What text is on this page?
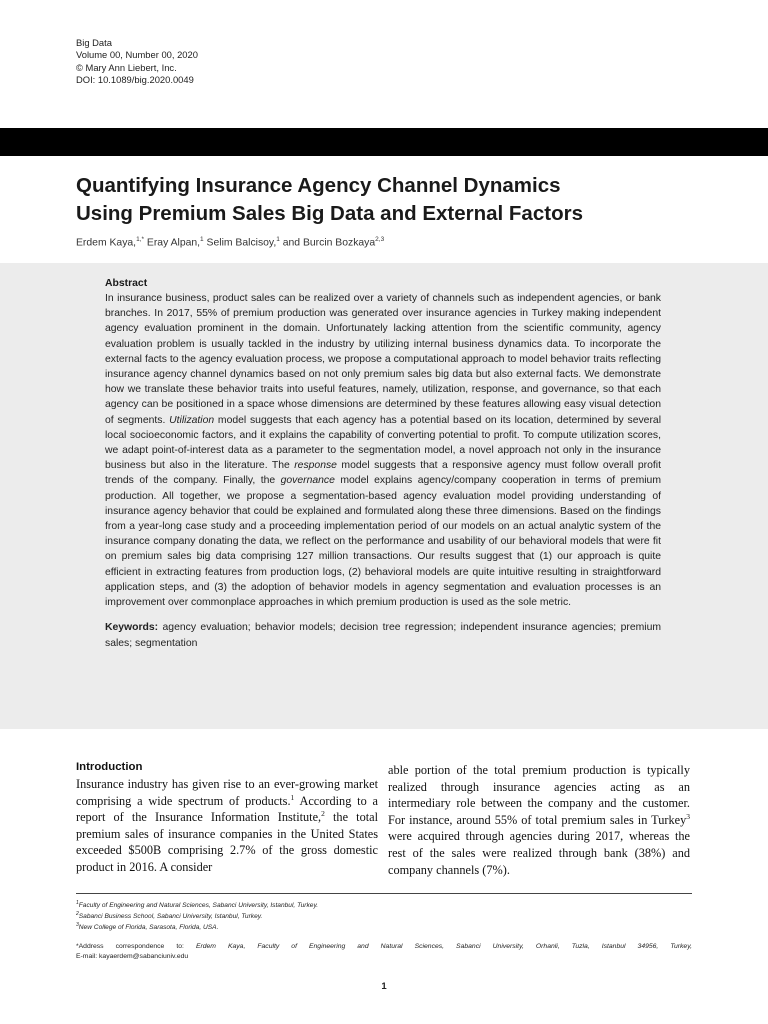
Big Data
Volume 00, Number 00, 2020
© Mary Ann Liebert, Inc.
DOI: 10.1089/big.2020.0049
Quantifying Insurance Agency Channel Dynamics
Using Premium Sales Big Data and External Factors
Erdem Kaya,$^{1,*}$ Eray Alpan,$^1$ Selim Balcisoy,$^1$ and Burcin Bozkaya$^{2,3}$

Abstract

In insurance business, product sales can be realized over a variety of channels such as independent agencies, or bank branches. In 2017, 55% of premium production was generated over insurance agencies in Turkey making independent agency evaluation prominent in the domain. Unfortunately lacking attention from the scientific community, agency evaluation problem is usually tackled in the industry by utilizing internal business dynamics data. To incorporate the external facts to the agency evaluation process, we propose a computational approach to model behavior traits reflecting insurance agency channel dynamics based on not only premium sales big data but also external facts. We demonstrate how we translate these behavior traits into useful features, namely, utilization, response, and governance, so that each agency can be positioned in a space whose dimensions are determined by these features allowing easy visual detection of segments. Utilization model suggests that each agency has a potential based on its location, determined by several local socioeconomic factors, and it explains the capability of converting potential to profit. To compute utilization scores, we adapt point-of-interest data as a parameter to the segmentation model, a novel approach not only in the insurance business but also in the literature. The response model suggests that a responsive agency must follow overall profit trends of the company. Finally, the governance model explains agency/company cooperation in terms of premium production. All together, we propose a segmentation-based agency evaluation model providing understanding of insurance agency behavior that could be explained and formulated along these three dimensions. Based on the findings from a year-long case study and a proceeding implementation period of our models on an actual analytic system of the insurance company donating the data, we reflect on the performance and usability of our behavioral models that were fit on premium sales big data comprising 127 million transactions. Our results suggest that (1) our approach is quite efficient in extracting features from production logs, (2) behavioral models are quite intuitive resulting in straightforward application steps, and (3) the adoption of behavior models in agency segmentation and evaluation processes is an improvement over commonplace approaches in which premium production is used as the sole metric.

Keywords: agency evaluation; behavior models; decision tree regression; independent insurance agencies; premium sales; segmentation
Introduction
Insurance industry has given rise to an ever-growing market comprising a wide spectrum of products.$^1$ According to a report of the Insurance Information Institute,$^2$ the total premium sales of insurance companies in the United States exceeded $500B comprising 2.7% of the gross domestic product in 2016. A consider
able portion of the total premium production is typically realized through insurance agencies acting as an intermediary role between the company and the customer. For instance, around 55% of total premium sales in Turkey$^3$ were acquired through agencies during 2017, whereas the rest of the sales were realized through bank (38%) and company channels (7%).
$^1$Faculty of Engineering and Natural Sciences, Sabanci University, Istanbul, Turkey.
$^2$Sabanci Business School, Sabanci University, Istanbul, Turkey.
$^3$New College of Florida, Sarasota, Florida, USA.
*Address correspondence to: Erdem Kaya, Faculty of Engineering and Natural Sciences, Sabanci University, Orhanli, Tuzla, Istanbul 34956, Turkey,
E-mail: kayaerdem@sabanciuniv.edu
1
